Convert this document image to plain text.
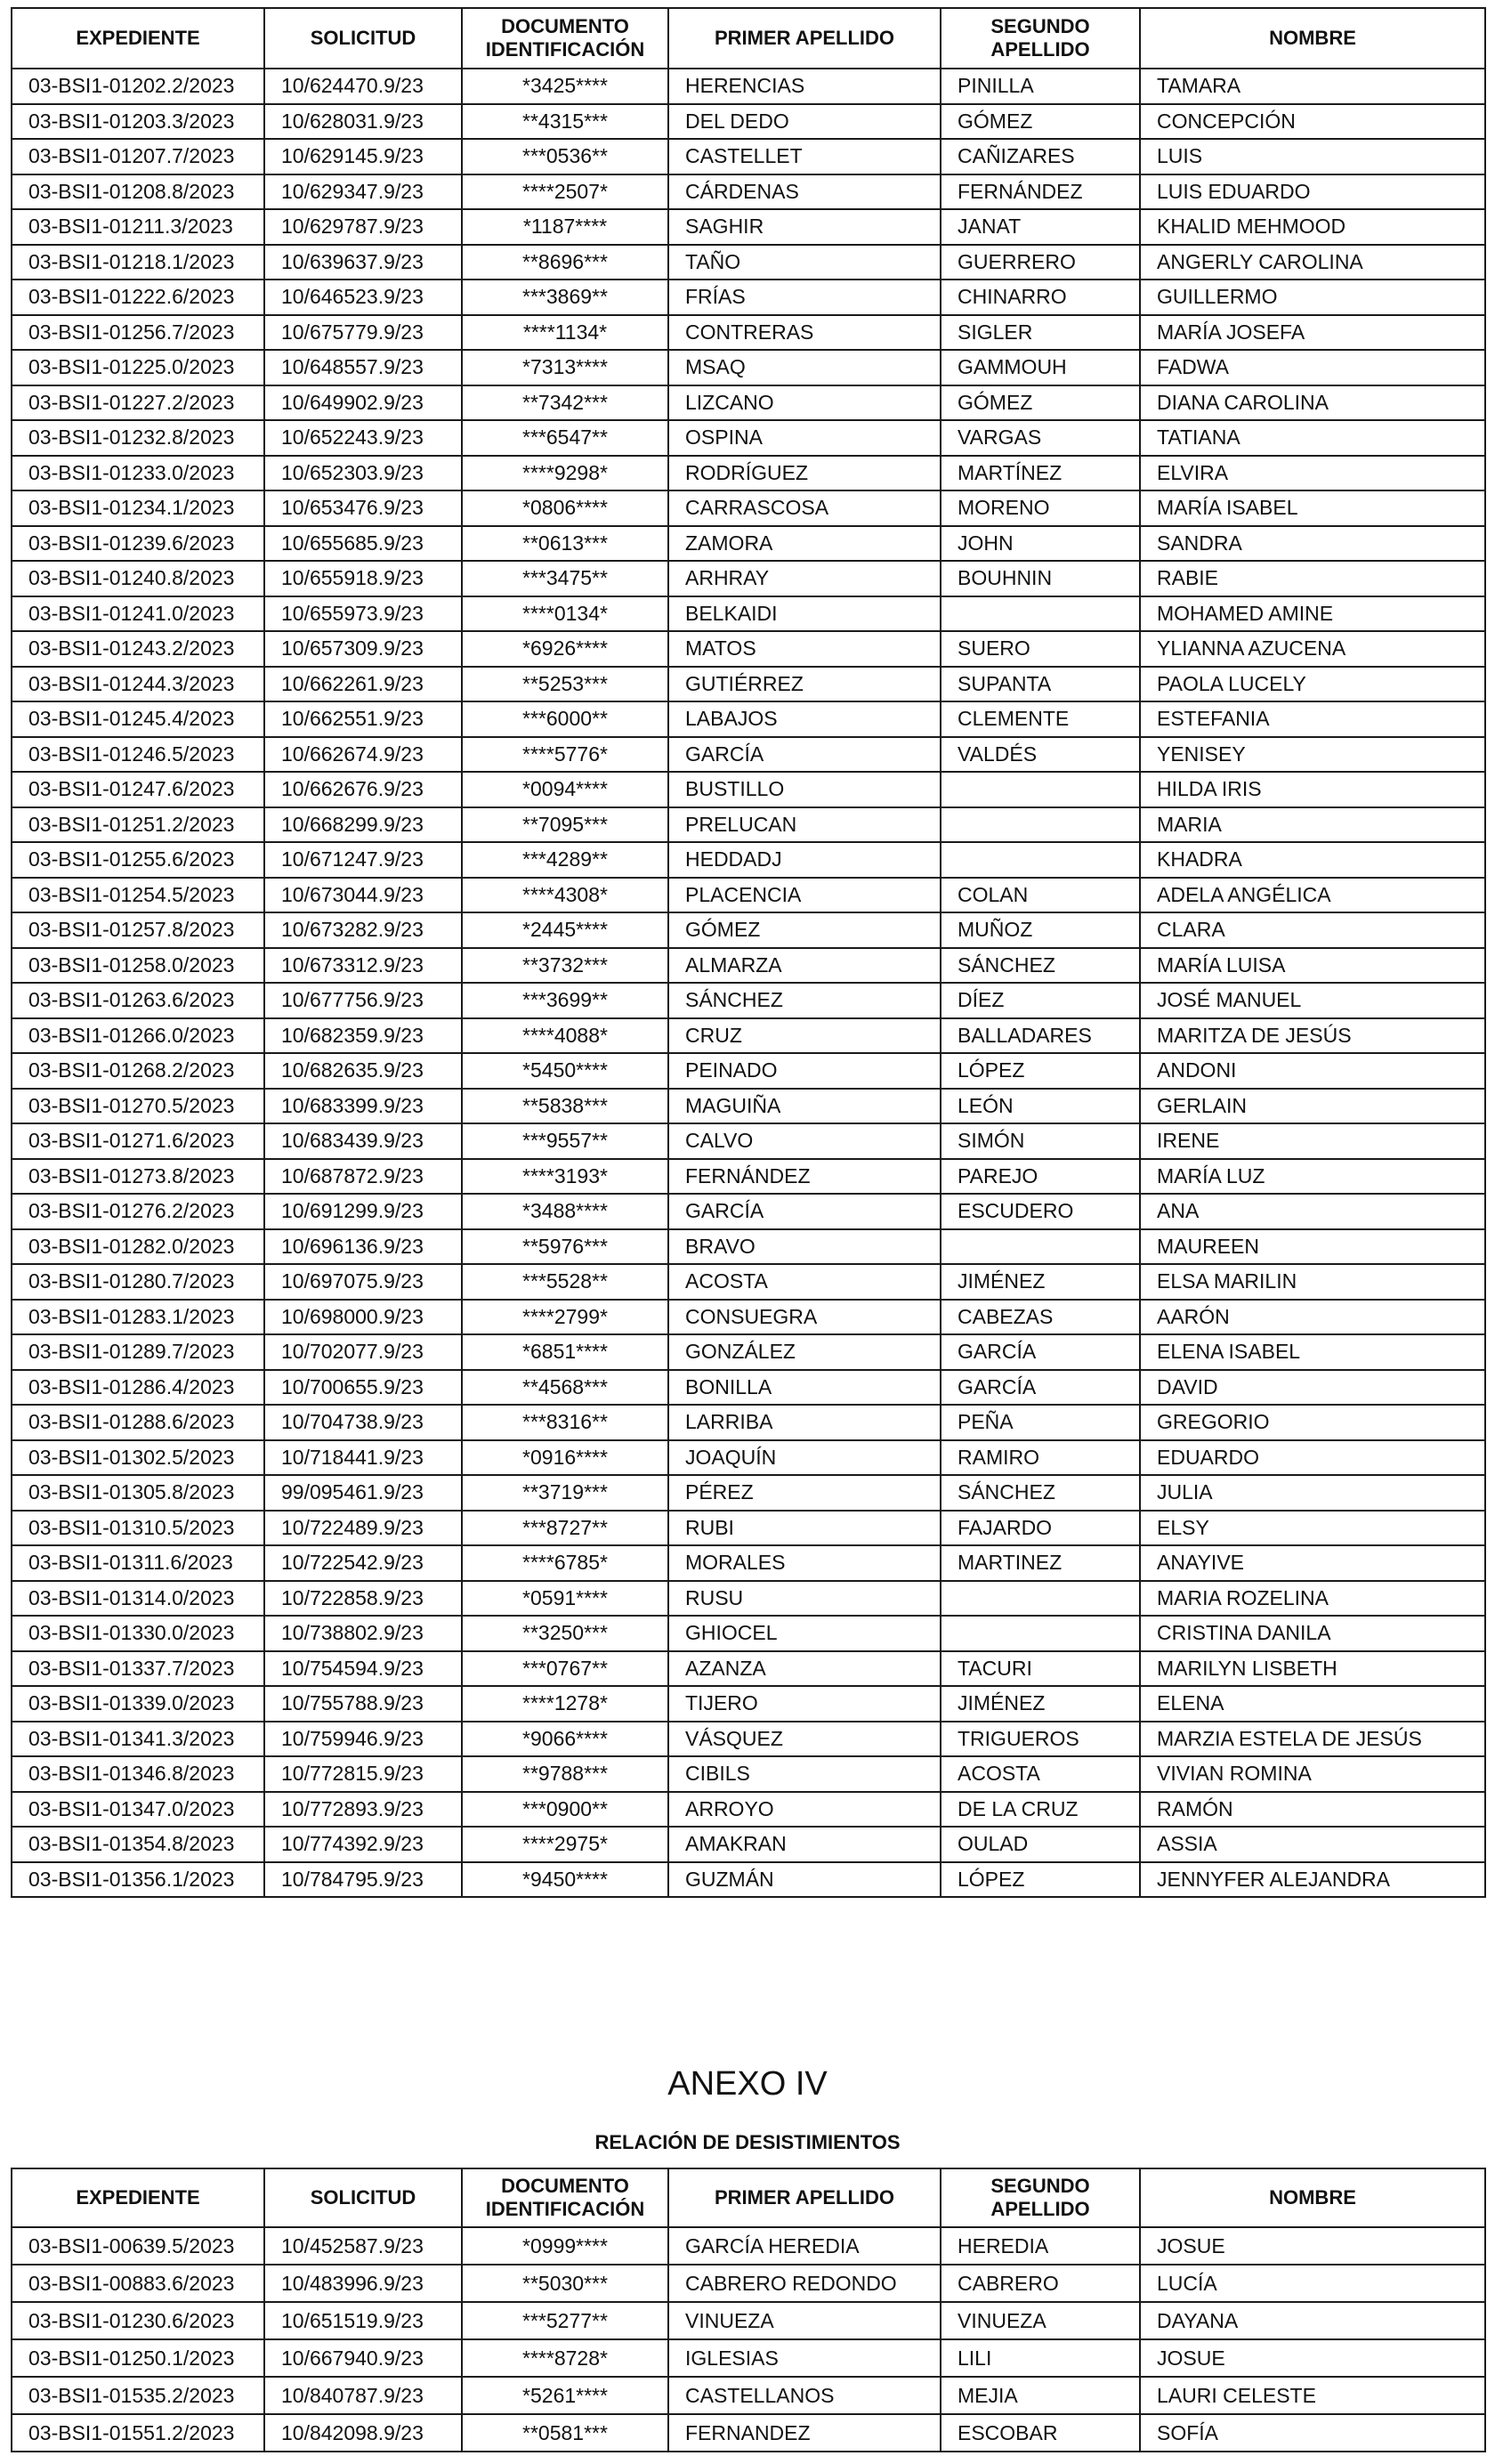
EXPEDIENTE	SOLICITUD	DOCUMENTO IDENTIFICACIÓN	PRIMER APELLIDO	SEGUNDO APELLIDO	NOMBRE
03-BSI1-01202.2/2023	10/624470.9/23	*3425****	HERENCIAS	PINILLA	TAMARA
03-BSI1-01203.3/2023	10/628031.9/23	**4315***	DEL DEDO	GÓMEZ	CONCEPCIÓN
03-BSI1-01207.7/2023	10/629145.9/23	***0536**	CASTELLET	CAÑIZARES	LUIS
03-BSI1-01208.8/2023	10/629347.9/23	****2507*	CÁRDENAS	FERNÁNDEZ	LUIS EDUARDO
03-BSI1-01211.3/2023	10/629787.9/23	*1187****	SAGHIR	JANAT	KHALID MEHMOOD
03-BSI1-01218.1/2023	10/639637.9/23	**8696***	TAÑO	GUERRERO	ANGERLY CAROLINA
03-BSI1-01222.6/2023	10/646523.9/23	***3869**	FRÍAS	CHINARRO	GUILLERMO
03-BSI1-01256.7/2023	10/675779.9/23	****1134*	CONTRERAS	SIGLER	MARÍA JOSEFA
03-BSI1-01225.0/2023	10/648557.9/23	*7313****	MSAQ	GAMMOUH	FADWA
03-BSI1-01227.2/2023	10/649902.9/23	**7342***	LIZCANO	GÓMEZ	DIANA CAROLINA
03-BSI1-01232.8/2023	10/652243.9/23	***6547**	OSPINA	VARGAS	TATIANA
03-BSI1-01233.0/2023	10/652303.9/23	****9298*	RODRÍGUEZ	MARTÍNEZ	ELVIRA
03-BSI1-01234.1/2023	10/653476.9/23	*0806****	CARRASCOSA	MORENO	MARÍA ISABEL
03-BSI1-01239.6/2023	10/655685.9/23	**0613***	ZAMORA	JOHN	SANDRA
03-BSI1-01240.8/2023	10/655918.9/23	***3475**	ARHRAY	BOUHNIN	RABIE
03-BSI1-01241.0/2023	10/655973.9/23	****0134*	BELKAIDI		MOHAMED AMINE
03-BSI1-01243.2/2023	10/657309.9/23	*6926****	MATOS	SUERO	YLIANNA AZUCENA
03-BSI1-01244.3/2023	10/662261.9/23	**5253***	GUTIÉRREZ	SUPANTA	PAOLA LUCELY
03-BSI1-01245.4/2023	10/662551.9/23	***6000**	LABAJOS	CLEMENTE	ESTEFANIA
03-BSI1-01246.5/2023	10/662674.9/23	****5776*	GARCÍA	VALDÉS	YENISEY
03-BSI1-01247.6/2023	10/662676.9/23	*0094****	BUSTILLO		HILDA IRIS
03-BSI1-01251.2/2023	10/668299.9/23	**7095***	PRELUCAN		MARIA
03-BSI1-01255.6/2023	10/671247.9/23	***4289**	HEDDADJ		KHADRA
03-BSI1-01254.5/2023	10/673044.9/23	****4308*	PLACENCIA	COLAN	ADELA ANGÉLICA
03-BSI1-01257.8/2023	10/673282.9/23	*2445****	GÓMEZ	MUÑOZ	CLARA
03-BSI1-01258.0/2023	10/673312.9/23	**3732***	ALMARZA	SÁNCHEZ	MARÍA LUISA
03-BSI1-01263.6/2023	10/677756.9/23	***3699**	SÁNCHEZ	DÍEZ	JOSÉ MANUEL
03-BSI1-01266.0/2023	10/682359.9/23	****4088*	CRUZ	BALLADARES	MARITZA DE JESÚS
03-BSI1-01268.2/2023	10/682635.9/23	*5450****	PEINADO	LÓPEZ	ANDONI
03-BSI1-01270.5/2023	10/683399.9/23	**5838***	MAGUIÑA	LEÓN	GERLAIN
03-BSI1-01271.6/2023	10/683439.9/23	***9557**	CALVO	SIMÓN	IRENE
03-BSI1-01273.8/2023	10/687872.9/23	****3193*	FERNÁNDEZ	PAREJO	MARÍA LUZ
03-BSI1-01276.2/2023	10/691299.9/23	*3488****	GARCÍA	ESCUDERO	ANA
03-BSI1-01282.0/2023	10/696136.9/23	**5976***	BRAVO		MAUREEN
03-BSI1-01280.7/2023	10/697075.9/23	***5528**	ACOSTA	JIMÉNEZ	ELSA MARILIN
03-BSI1-01283.1/2023	10/698000.9/23	****2799*	CONSUEGRA	CABEZAS	AARÓN
03-BSI1-01289.7/2023	10/702077.9/23	*6851****	GONZÁLEZ	GARCÍA	ELENA ISABEL
03-BSI1-01286.4/2023	10/700655.9/23	**4568***	BONILLA	GARCÍA	DAVID
03-BSI1-01288.6/2023	10/704738.9/23	***8316**	LARRIBA	PEÑA	GREGORIO
03-BSI1-01302.5/2023	10/718441.9/23	*0916****	JOAQUÍN	RAMIRO	EDUARDO
03-BSI1-01305.8/2023	99/095461.9/23	**3719***	PÉREZ	SÁNCHEZ	JULIA
03-BSI1-01310.5/2023	10/722489.9/23	***8727**	RUBI	FAJARDO	ELSY
03-BSI1-01311.6/2023	10/722542.9/23	****6785*	MORALES	MARTINEZ	ANAYIVE
03-BSI1-01314.0/2023	10/722858.9/23	*0591****	RUSU		MARIA ROZELINA
03-BSI1-01330.0/2023	10/738802.9/23	**3250***	GHIOCEL		CRISTINA DANILA
03-BSI1-01337.7/2023	10/754594.9/23	***0767**	AZANZA	TACURI	MARILYN LISBETH
03-BSI1-01339.0/2023	10/755788.9/23	****1278*	TIJERO	JIMÉNEZ	ELENA
03-BSI1-01341.3/2023	10/759946.9/23	*9066****	VÁSQUEZ	TRIGUEROS	MARZIA ESTELA DE JESÚS
03-BSI1-01346.8/2023	10/772815.9/23	**9788***	CIBILS	ACOSTA	VIVIAN ROMINA
03-BSI1-01347.0/2023	10/772893.9/23	***0900**	ARROYO	DE LA CRUZ	RAMÓN
03-BSI1-01354.8/2023	10/774392.9/23	****2975*	AMAKRAN	OULAD	ASSIA
03-BSI1-01356.1/2023	10/784795.9/23	*9450****	GUZMÁN	LÓPEZ	JENNYFER ALEJANDRA
ANEXO IV
RELACIÓN DE DESISTIMIENTOS
EXPEDIENTE	SOLICITUD	DOCUMENTO IDENTIFICACIÓN	PRIMER APELLIDO	SEGUNDO APELLIDO	NOMBRE
03-BSI1-00639.5/2023	10/452587.9/23	*0999****	GARCÍA HEREDIA	HEREDIA	JOSUE
03-BSI1-00883.6/2023	10/483996.9/23	**5030***	CABRERO REDONDO	CABRERO	LUCÍA
03-BSI1-01230.6/2023	10/651519.9/23	***5277**	VINUEZA	VINUEZA	DAYANA
03-BSI1-01250.1/2023	10/667940.9/23	****8728*	IGLESIAS	LILI	JOSUE
03-BSI1-01535.2/2023	10/840787.9/23	*5261****	CASTELLANOS	MEJIA	LAURI CELESTE
03-BSI1-01551.2/2023	10/842098.9/23	**0581***	FERNANDEZ	ESCOBAR	SOFÍA
